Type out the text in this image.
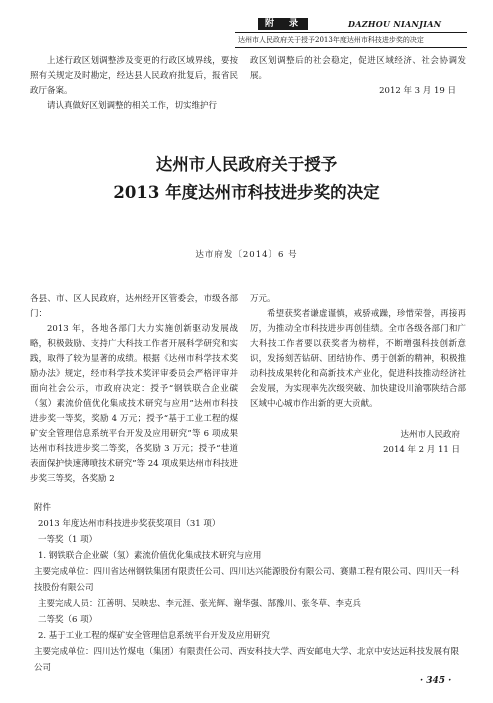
附　录	DAZHOU NIANJIAN
达州市人民政府关于授予2013年度达州市科技进步奖的决定

上述行政区划调整涉及变更的行政区域界线，要按照有关规定及时勘定，经达县人民政府批复后，报省民政厅备案。

请认真做好区划调整的相关工作，切实维护行

政区划调整后的社会稳定，促进区域经济、社会协调发展。

2012 年 3 月 19 日

达州市人民政府关于授予
2013 年度达州市科技进步奖的决定
达市府发〔2014〕6 号

各县、市、区人民政府，达州经开区管委会，市级各部门：

2013 年，各地各部门大力实施创新驱动发展战略，积极鼓励、支持广大科技工作者开展科学研究和实践，取得了较为显著的成绩。根据《达州市科学技术奖励办法》规定，经市科学技术奖评审委员会严格评审并面向社会公示，市政府决定：授予“钢铁联合企业碳（氢）素流价值优化集成技术研究与应用”达州市科技进步奖一等奖，奖励 4 万元；授予“基于工业工程的煤矿安全管理信息系统平台开发及应用研究”等 6 项成果达州市科技进步奖二等奖，各奖励 3 万元；授予“巷道表面保护快速薄喷技术研究”等 24 项成果达州市科技进步奖三等奖，各奖励 2

万元。

希望获奖者谦虚谨慎，戒骄戒躁，珍惜荣誉，再接再厉，为推动全市科技进步再创佳绩。全市各级各部门和广大科技工作者要以获奖者为榜样，不断增强科技创新意识，发扬刻苦钻研、团结协作、勇于创新的精神，积极推动科技成果转化和高新技术产业化，促进科技推动经济社会发展，为实现率先次级突破、加快建设川渝鄂陕结合部区域中心城市作出新的更大贡献。

达州市人民政府

2014 年 2 月 11 日

附件

2013 年度达州市科技进步奖获奖项目（31 项）

一等奖（1 项）

1. 钢铁联合企业碳（氢）素流价值优化集成技术研究与应用

主要完成单位：四川省达州钢铁集团有限责任公司、四川达兴能源股份有限公司、赛鼎工程有限公司、四川天一科技股份有限公司

主要完成人员：江善明、吴映忠、李元涯、张光辉、谢华强、郜豫川、张冬草、李克兵

二等奖（6 项）

2. 基于工业工程的煤矿安全管理信息系统平台开发及应用研究

主要完成单位：四川达竹煤电（集团）有限责任公司、西安科技大学、西安邮电大学、北京中安达远科技发展有限公司

· 345 ·
